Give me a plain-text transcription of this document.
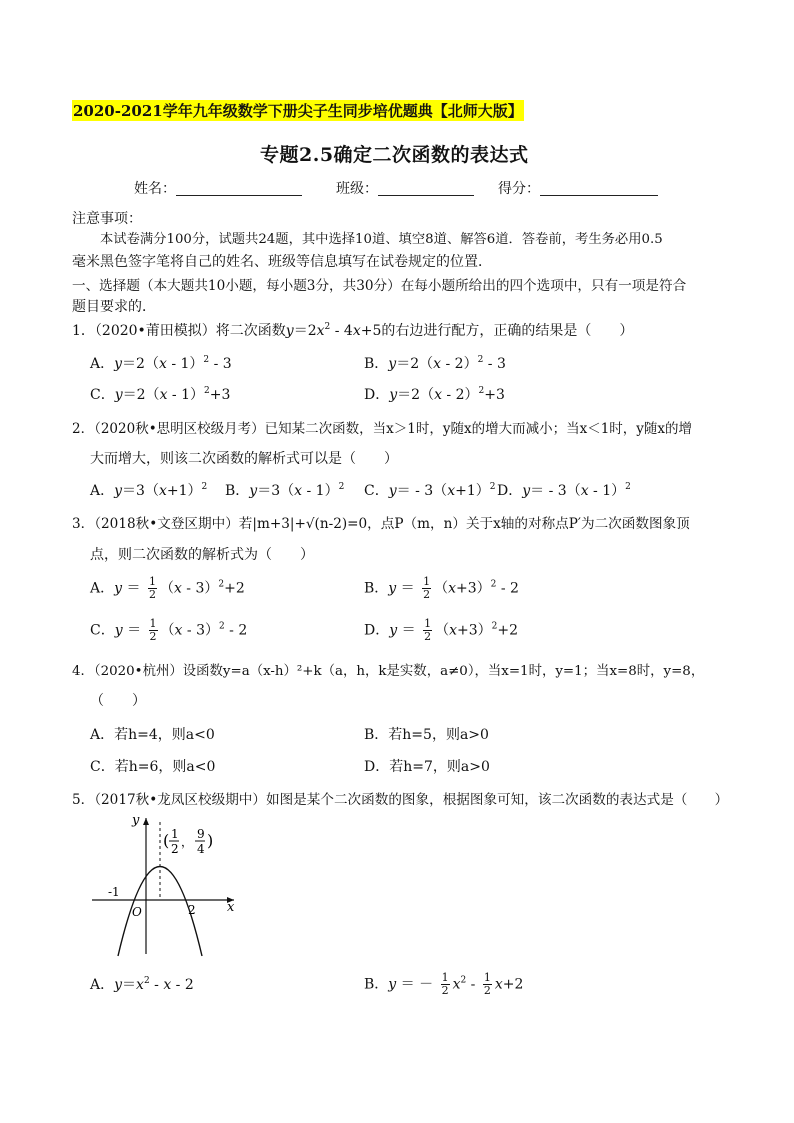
2020-2021学年九年级数学下册尖子生同步培优题典【北师大版】
专题2.5确定二次函数的表达式
姓名：	班级：	得分：
注意事项：
本试卷满分100分，试题共24题，其中选择10道、填空8道、解答6道．答卷前，考生务必用0.5
毫米黑色签字笔将自己的姓名、班级等信息填写在试卷规定的位置．
一、选择题（本大题共10小题，每小题3分，共30分）在每小题所给出的四个选项中，只有一项是符合
题目要求的．
1．（2020•莆田模拟）将二次函数$y=2x^2 - 4x+5$的右边进行配方，正确的结果是（　　）
A．y＝2（x - 1）$^2$ - 3	B．y＝2（x - 2）$^2$ - 3
C．y＝2（x - 1）$^2$+3	D．y＝2（x - 2）$^2$+3
2．（2020秋•思明区校级月考）已知某二次函数，当x＞1时，y随x的增大而减小；当x＜1时，y随x的增
大而增大，则该二次函数的解析式可以是（　　）
A．$y=3(x+1)^2$ B．y＝3（x - 1）$^2$ C．$y= - 3(x+1)^2$ D．y＝ - 3（x - 1）$^2$
3．（2018秋•文登区期中）若|m+3|+√(n-2)=0，点P（m，n）关于x轴的对称点P′为二次函数图象顶
点，则二次函数的解析式为（　　）
A．$y = \frac{1}{2} (x - 3)^2+2$	B．$y = \frac{1}{2} (x+3)^2 - 2$
C．$y = \frac{1}{2} (x - 3)^2 - 2$	D．$y = \frac{1}{2} (x+3)^2+2$
4．（2020•杭州）设函数y=a（x-h）²+k（a，h，k是实数，a≠0），当x=1时，y=1；当x=8时，y=8，
（　　）
A．若h=4，则a<0	B．若h=5，则a>0
C．若h=6，则a<0	D．若h=7，则a>0
5．（2017秋•龙凤区校级期中）如图是某个二次函数的图象，根据图象可知，该二次函数的表达式是（　　）
y
x
O
-1
2
( 1
2 ，
9
4 )
A．$y=x^2 - x - 2$	B．y ＝ － $\frac{1}{2} x^2 - \frac{1}{2} x+2$
